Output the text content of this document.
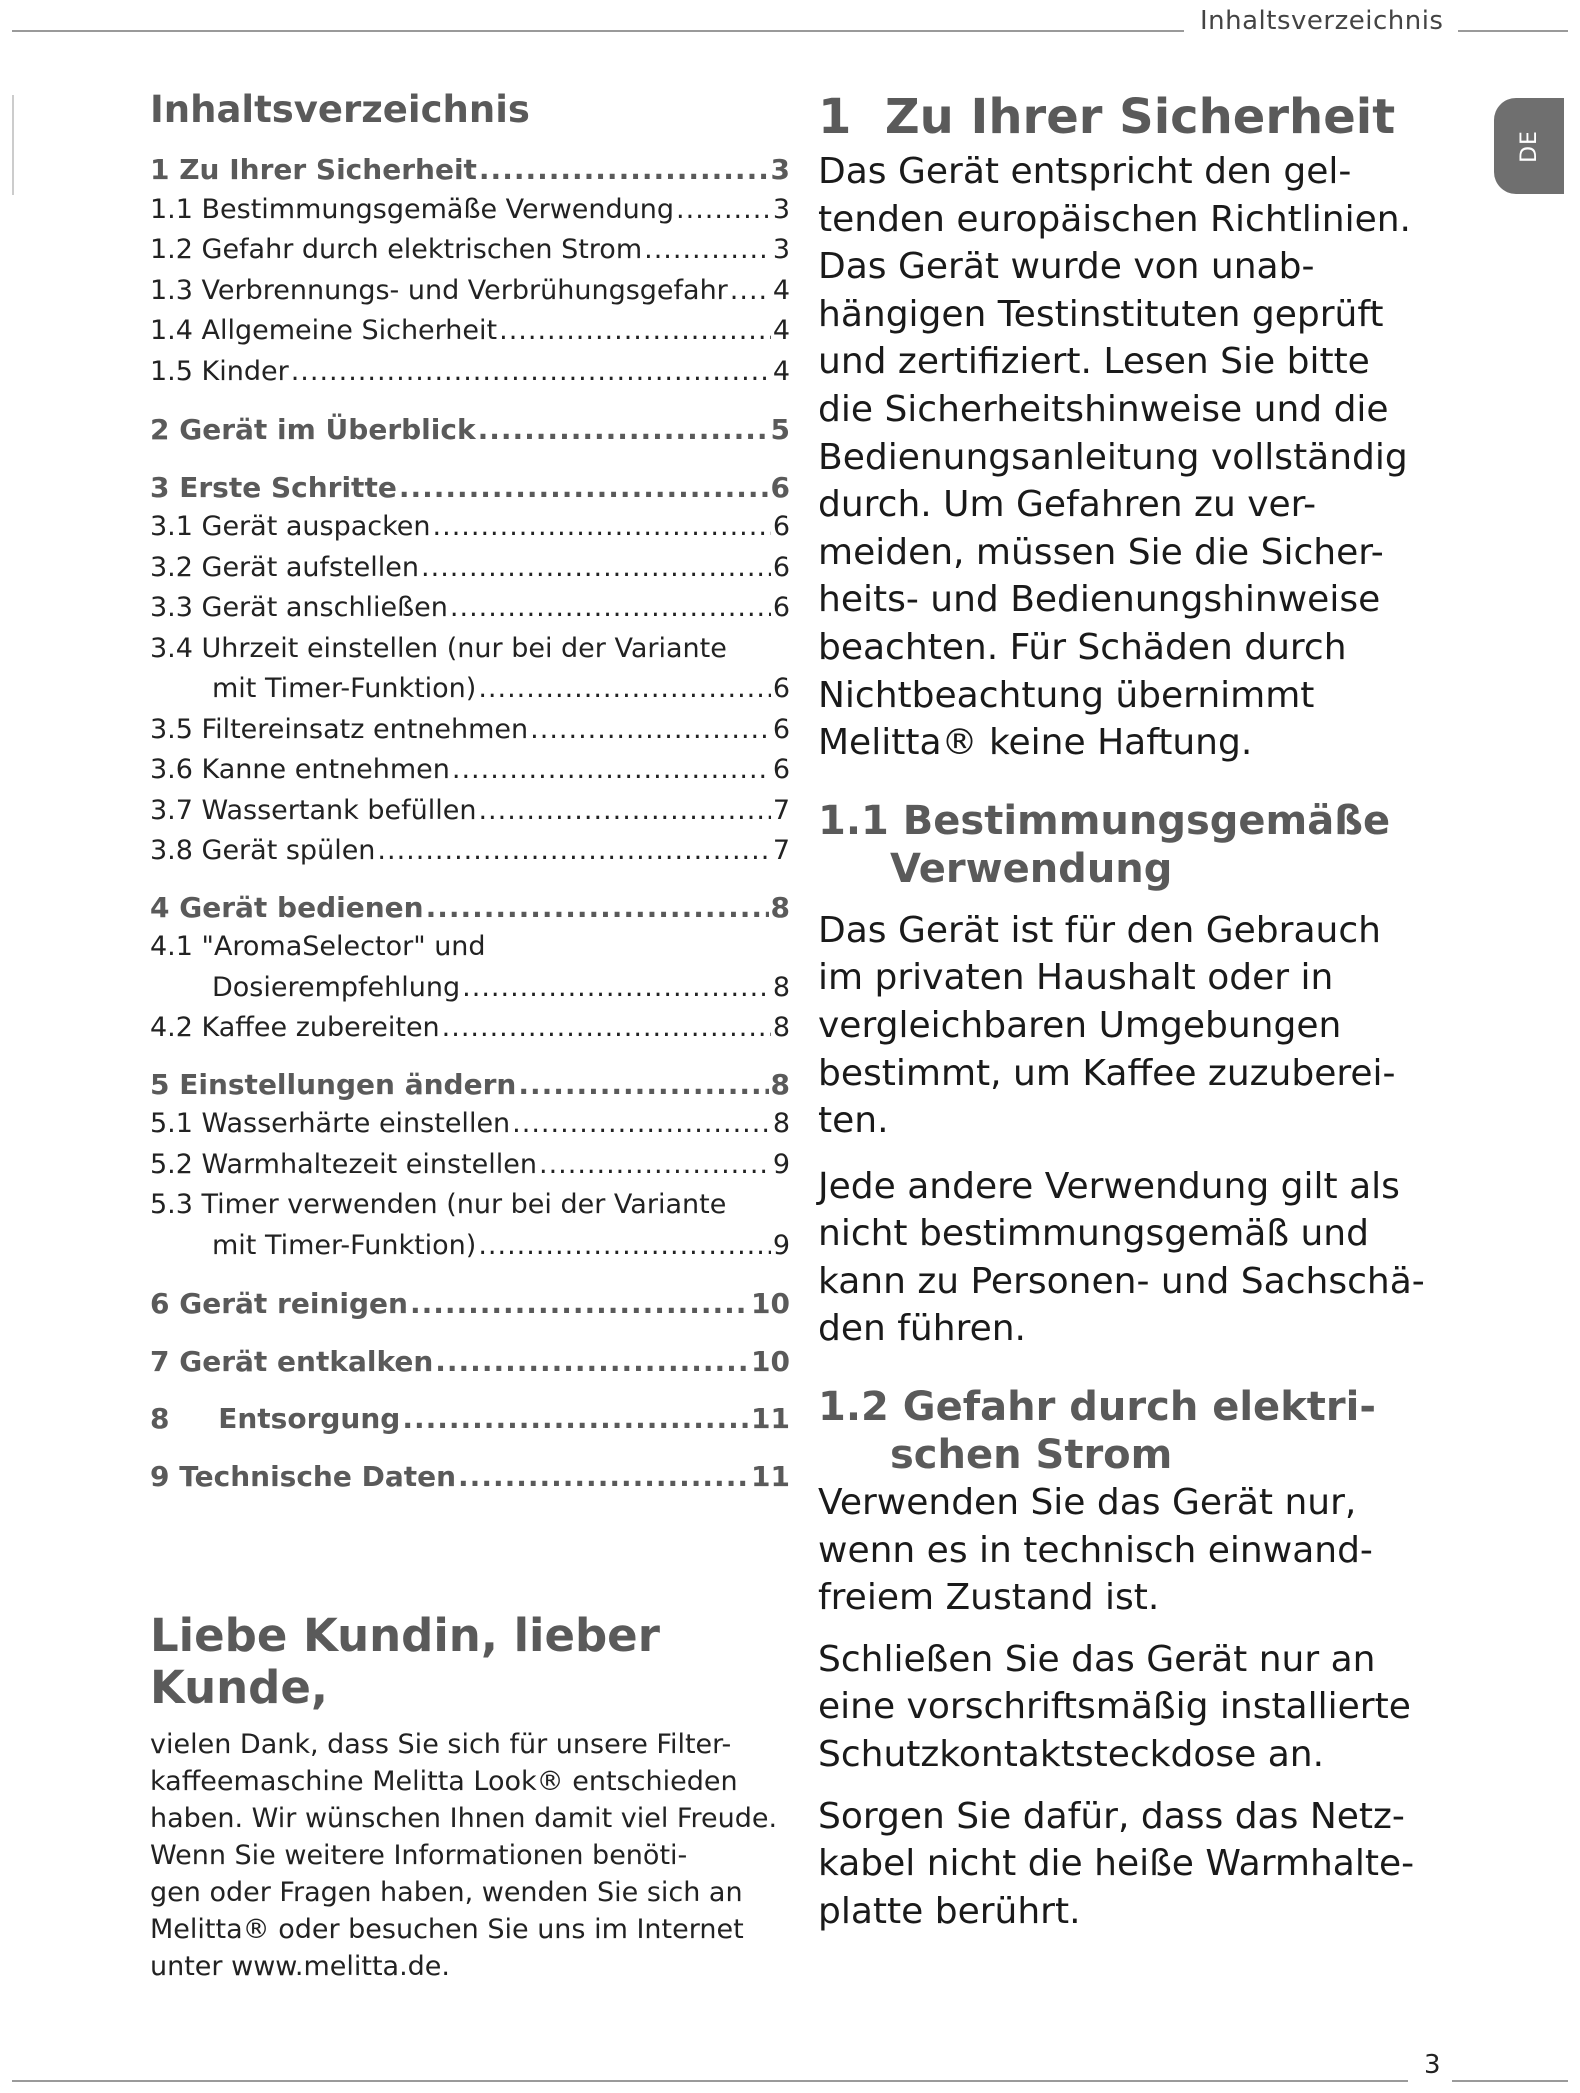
Inhaltsverzeichnis
DE
Inhaltsverzeichnis
1 Zu Ihrer Sicherheit .....	3
1.1 Bestimmungsgemäße Verwendung .....	3
1.2 Gefahr durch elektrischen Strom .....	3
1.3 Verbrennungs- und Verbrühungsgefahr ..... 4
1.4 Allgemeine Sicherheit .....	4
1.5 Kinder .....	4
2 Gerät im Überblick .....	5
3 Erste Schritte .....	6
3.1 Gerät auspacken .....	6
3.2 Gerät aufstellen .....	6
3.3 Gerät anschließen .....	6
3.4 Uhrzeit einstellen (nur bei der Variante
mit Timer-Funktion) .....	6
3.5 Filtereinsatz entnehmen .....	6
3.6 Kanne entnehmen .....	6
3.7 Wassertank befüllen .....	7
3.8 Gerät spülen .....	7
4 Gerät bedienen .....	8
4.1 "AromaSelector" und
Dosierempfehlung .....	8
4.2 Kaffee zubereiten .....	8
5 Einstellungen ändern .....	8
5.1 Wasserhärte einstellen .....	8
5.2 Warmhaltezeit einstellen .....	9
5.3 Timer verwenden (nur bei der Variante
mit Timer-Funktion) .....	9
6 Gerät reinigen .....	10
7 Gerät entkalken .....	10
8     Entsorgung .....	11
9 Technische Daten .....	11
Liebe Kundin, lieber
Kunde,
vielen Dank, dass Sie sich für unsere Filter-
kaffeemaschine Melitta Look® entschieden
haben. Wir wünschen Ihnen damit viel Freude.
Wenn Sie weitere Informationen benöti-
gen oder Fragen haben, wenden Sie sich an
Melitta® oder besuchen Sie uns im Internet
unter www.melitta.de.
1  Zu Ihrer Sicherheit
Das Gerät entspricht den gel-
tenden europäischen Richtlinien.
Das Gerät wurde von unab-
hängigen Testinstituten geprüft
und zertifiziert. Lesen Sie bitte
die Sicherheitshinweise und die
Bedienungsanleitung vollständig
durch. Um Gefahren zu ver-
meiden, müssen Sie die Sicher-
heits- und Bedienungshinweise
beachten. Für Schäden durch
Nichtbeachtung übernimmt
Melitta® keine Haftung.
1.1 Bestimmungsgemäße
Verwendung
Das Gerät ist für den Gebrauch
im privaten Haushalt oder in
vergleichbaren Umgebungen
bestimmt, um Kaffee zuzuberei-
ten.
Jede andere Verwendung gilt als
nicht bestimmungsgemäß und
kann zu Personen- und Sachschä-
den führen.
1.2 Gefahr durch elektri-
schen Strom
Verwenden Sie das Gerät nur,
wenn es in technisch einwand-
freiem Zustand ist.
Schließen Sie das Gerät nur an
eine vorschriftsmäßig installierte
Schutzkontaktsteckdose an.
Sorgen Sie dafür, dass das Netz-
kabel nicht die heiße Warmhalte-
platte berührt.
3
